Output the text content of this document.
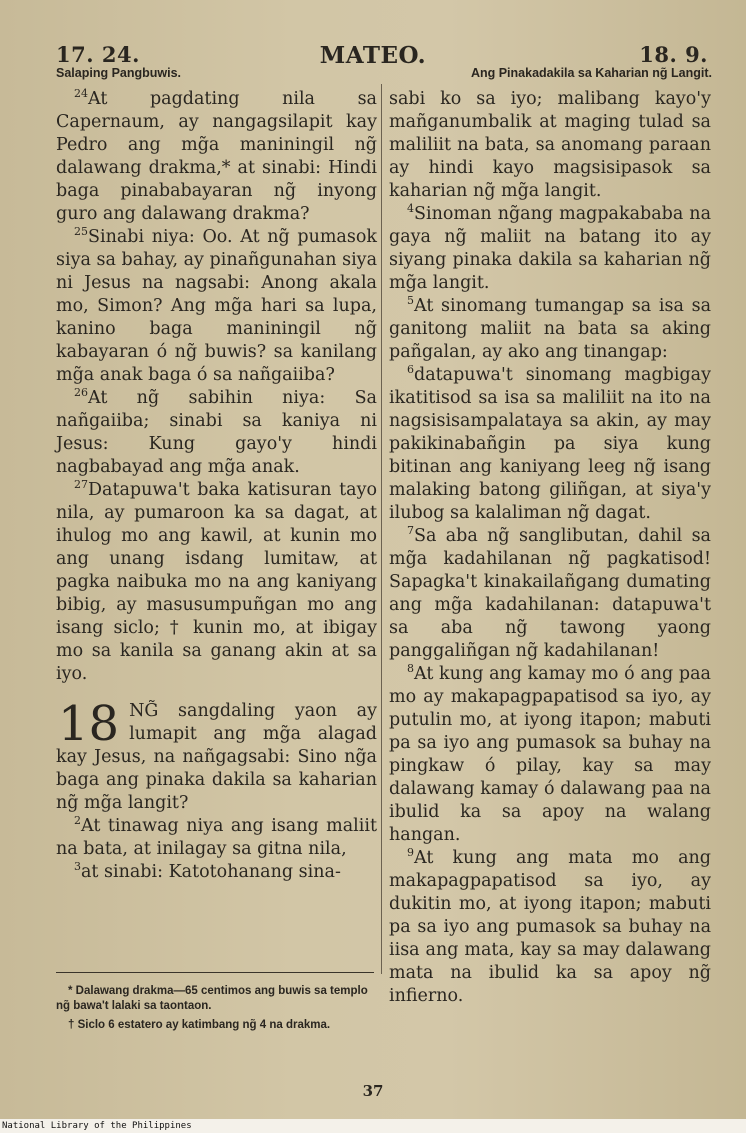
17. 24.	MATEO.	18. 9.
Salaping Pangbuwis.	Ang Pinakadakila sa Kaharian ng̃ Langit.

$^{24}$At pagdating nila sa Capernaum, ay nangagsilapit kay Pedro ang mg̃a maniningil ng̃ dalawang drakma,* at sinabi: Hindi baga pinababayaran ng̃ inyong guro ang dalawang drakma?

$^{25}$Sinabi niya: Oo. At ng̃ pumasok siya sa bahay, ay pinañgunahan siya ni Jesus na nagsabi: Anong akala mo, Simon? Ang mg̃a hari sa lupa, kanino baga maniningil ng̃ kabayaran ó ng̃ buwis? sa kanilang mg̃a anak baga ó sa nañgaiiba?

$^{26}$At ng̃ sabihin niya: Sa nañgaiiba; sinabi sa kaniya ni Jesus: Kung gayo'y hindi nagbabayad ang mg̃a anak.

$^{27}$Datapuwa't baka katisuran tayo nila, ay pumaroon ka sa dagat, at ihulog mo ang kawil, at kunin mo ang unang isdang lumitaw, at pagka naibuka mo na ang kaniyang bibig, ay masusumpuñgan mo ang isang siclo; † kunin mo, at ibigay mo sa kanila sa ganang akin at sa iyo.

18 NG̃ sangdaling yaon ay lumapit ang mg̃a alagad kay Jesus, na nañgagsabi: Sino ng̃a baga ang pinaka dakila sa kaharian ng̃ mg̃a langit?

$^2$At tinawag niya ang isang maliit na bata, at inilagay sa gitna nila,

$^3$at sinabi: Katotohanang sina-

sabi ko sa iyo; malibang kayo'y mañganumbalik at maging tulad sa maliliit na bata, sa anomang paraan ay hindi kayo magsisipasok sa kaharian ng̃ mg̃a langit.

$^4$Sinoman ng̃ang magpakababa na gaya ng̃ maliit na batang ito ay siyang pinaka dakila sa kaharian ng̃ mg̃a langit.

$^5$At sinomang tumangap sa isa sa ganitong maliit na bata sa aking pañgalan, ay ako ang tinangap:

$^6$datapuwa't sinomang magbigay ikatitisod sa isa sa maliliit na ito na nagsisisampalataya sa akin, ay may pakikinabañgin pa siya kung bitinan ang kaniyang leeg ng̃ isang malaking batong giliñgan, at siya'y ilubog sa kalaliman ng̃ dagat.

$^7$Sa aba ng̃ sanglibutan, dahil sa mg̃a kadahilanan ng̃ pagkatisod! Sapagka't kinakailañgang dumating ang mg̃a kadahilanan: datapuwa't sa aba ng̃ tawong yaong panggaliñgan ng̃ kadahilanan!

$^8$At kung ang kamay mo ó ang paa mo ay makapagpapatisod sa iyo, ay putulin mo, at iyong itapon; mabuti pa sa iyo ang pumasok sa buhay na pingkaw ó pilay, kay sa may dalawang kamay ó dalawang paa na ibulid ka sa apoy na walang hangan.

$^9$At kung ang mata mo ang makapagpapatisod sa iyo, ay dukitin mo, at iyong itapon; mabuti pa sa iyo ang pumasok sa buhay na iisa ang mata, kay sa may dalawang mata na ibulid ka sa apoy ng̃ infierno.

* Dalawang drakma—65 centimos ang buwis sa templo ng̃ bawa't lalaki sa taontaon.

† Siclo 6 estatero ay katimbang ng̃ 4 na drakma.

37
National Library of the Philippines
